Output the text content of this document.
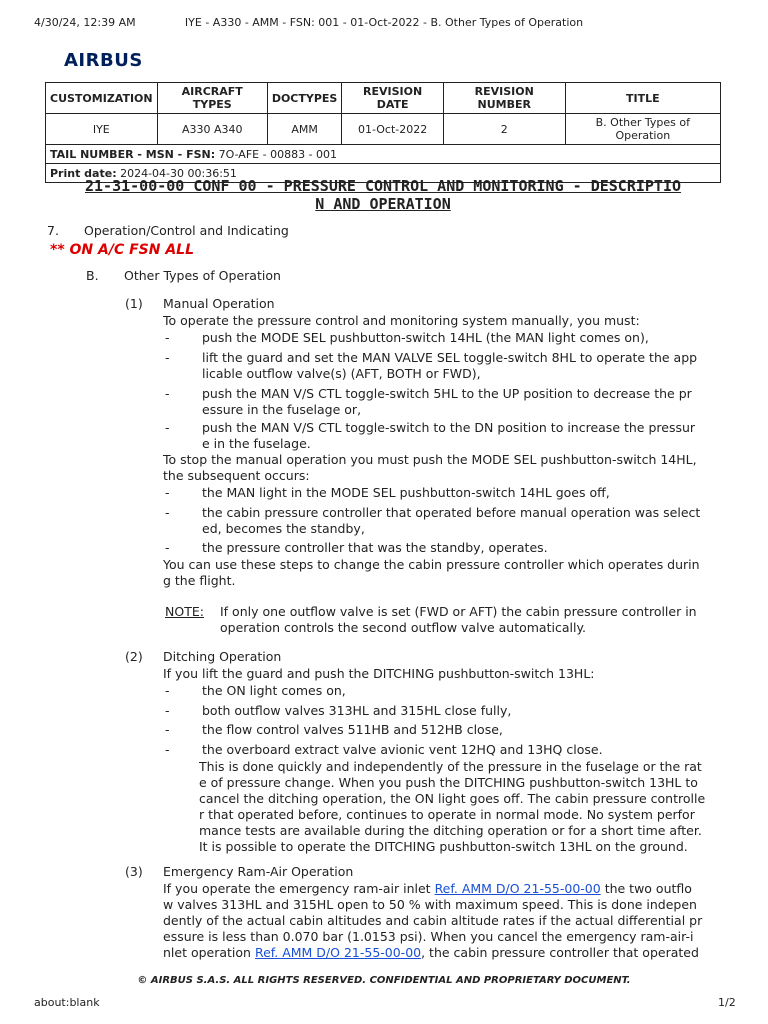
4/30/24, 12:39 AM	IYE - A330 - AMM - FSN: 001 - 01-Oct-2022 - B. Other Types of Operation
AIRBUS
CUSTOMIZATION	AIRCRAFT TYPES	DOCTYPES	REVISION DATE	REVISION NUMBER	TITLE
IYE	A330 A340	AMM	01-Oct-2022	2	B. Other Types of Operation
TAIL NUMBER - MSN - FSN: 7O-AFE - 00883 - 001					
Print date: 2024-04-30 00:36:51					
21-31-00-00 CONF 00 - PRESSURE CONTROL AND MONITORING - DESCRIPTIO
N AND OPERATION
7. Operation/Control and Indicating
** ON A/C FSN ALL
B. Other Types of Operation
(1) Manual Operation
To operate the pressure control and monitoring system manually, you must:
-	push the MODE SEL pushbutton-switch 14HL (the MAN light comes on),
-	lift the guard and set the MAN VALVE SEL toggle-switch 8HL to operate the app
licable outflow valve(s) (AFT, BOTH or FWD),
-	push the MAN V/S CTL toggle-switch 5HL to the UP position to decrease the pr
essure in the fuselage or,
-	push the MAN V/S CTL toggle-switch to the DN position to increase the pressur
e in the fuselage.
To stop the manual operation you must push the MODE SEL pushbutton-switch 14HL,
the subsequent occurs:
-	the MAN light in the MODE SEL pushbutton-switch 14HL goes off,
-	the cabin pressure controller that operated before manual operation was select
ed, becomes the standby,
-	the pressure controller that was the standby, operates.
You can use these steps to change the cabin pressure controller which operates durin
g the flight.
NOTE: If only one outflow valve is set (FWD or AFT) the cabin pressure controller in
operation controls the second outflow valve automatically.
(2) Ditching Operation
If you lift the guard and push the DITCHING pushbutton-switch 13HL:
-	the ON light comes on,
-	both outflow valves 313HL and 315HL close fully,
-	the flow control valves 511HB and 512HB close,
-	the overboard extract valve avionic vent 12HQ and 13HQ close.
This is done quickly and independently of the pressure in the fuselage or the rat
e of pressure change. When you push the DITCHING pushbutton-switch 13HL to
cancel the ditching operation, the ON light goes off. The cabin pressure controlle
r that operated before, continues to operate in normal mode. No system perfor
mance tests are available during the ditching operation or for a short time after.
It is possible to operate the DITCHING pushbutton-switch 13HL on the ground.
(3) Emergency Ram-Air Operation
If you operate the emergency ram-air inlet Ref. AMM D/O 21-55-00-00 the two outflo
w valves 313HL and 315HL open to 50 % with maximum speed. This is done indepen
dently of the actual cabin altitudes and cabin altitude rates if the actual differential pr
essure is less than 0.070 bar (1.0153 psi). When you cancel the emergency ram-air-i
nlet operation Ref. AMM D/O 21-55-00-00, the cabin pressure controller that operated
© AIRBUS S.A.S. ALL RIGHTS RESERVED. CONFIDENTIAL AND PROPRIETARY DOCUMENT.
about:blank	1/2
